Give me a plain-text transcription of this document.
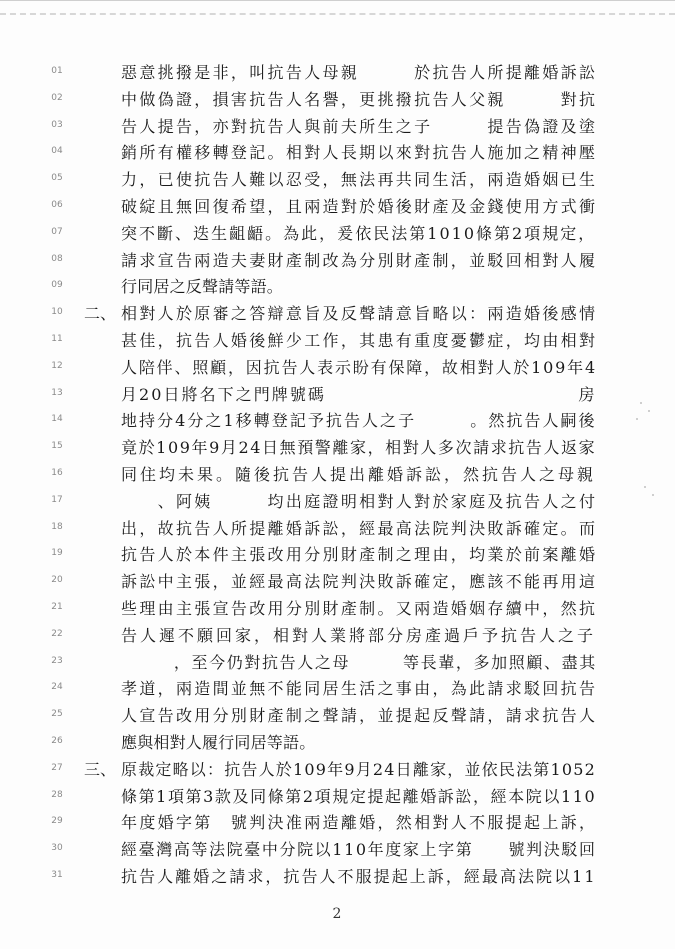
01	惡意挑撥是非，叫抗告人母親　　　於抗告人所提離婚訴訟
02	中做偽證，損害抗告人名譽，更挑撥抗告人父親　　　對抗
03	告人提告，亦對抗告人與前夫所生之子　　　提告偽證及塗
04	銷所有權移轉登記。相對人長期以來對抗告人施加之精神壓
05	力，已使抗告人難以忍受，無法再共同生活，兩造婚姻已生
06	破綻且無回復希望，且兩造對於婚後財產及金錢使用方式衝
07	突不斷、迭生齟齬。為此，爰依民法第1010條第2項規定，
08	請求宣告兩造夫妻財產制改為分別財產制，並駁回相對人履
09	行同居之反聲請等語。
10 二、 相對人於原審之答辯意旨及反聲請意旨略以：兩造婚後感情
11	甚佳，抗告人婚後鮮少工作，其患有重度憂鬱症，均由相對
12	人陪伴、照顧，因抗告人表示盼有保障，故相對人於109年4
13	月20日將名下之門牌號碼　　　　　　　　　　　　　　房
14	地持分4分之1移轉登記予抗告人之子　　　。然抗告人嗣後
15	竟於109年9月24日無預警離家，相對人多次請求抗告人返家
16	同住均未果。隨後抗告人提出離婚訴訟，然抗告人之母親
17	　　、阿姨　　　均出庭證明相對人對於家庭及抗告人之付
18	出，故抗告人所提離婚訴訟，經最高法院判決敗訴確定。而
19	抗告人於本件主張改用分別財產制之理由，均業於前案離婚
20	訴訟中主張，並經最高法院判決敗訴確定，應該不能再用這
21	些理由主張宣告改用分別財產制。又兩造婚姻存續中，然抗
22	告人遲不願回家，相對人業將部分房產過戶予抗告人之子
23	　　　，至今仍對抗告人之母　　　等長輩，多加照顧、盡其
24	孝道，兩造間並無不能同居生活之事由，為此請求駁回抗告
25	人宣告改用分別財產制之聲請，並提起反聲請，請求抗告人
26	應與相對人履行同居等語。
27 三、 原裁定略以：抗告人於109年9月24日離家，並依民法第1052
28	條第1項第3款及同條第2項規定提起離婚訴訟，經本院以110
29	年度婚字第　號判決准兩造離婚，然相對人不服提起上訴，
30	經臺灣高等法院臺中分院以110年度家上字第　　號判決駁回
31	抗告人離婚之請求，抗告人不服提起上訴，經最高法院以11
2
